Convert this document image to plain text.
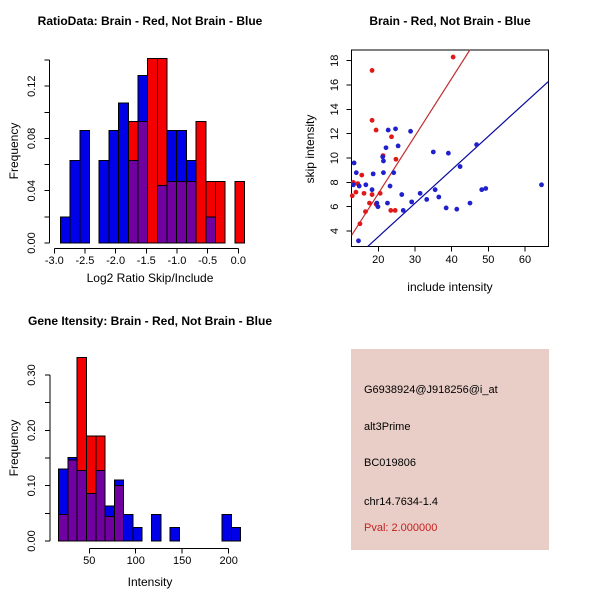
0.00
0.04
0.08
0.12
-3.0 -2.5 -2.0 -1.5 -1.0 -0.5 0.0
RatioData: Brain - Red, Not Brain - Blue
Log2 Ratio Skip/Include
Frequency
4
6
8
10
12
14
16
18
20 30 40 50 60
Brain - Red, Not Brain - Blue
include intensity
skip intensity
0.00
0.10
0.20
0.30
50	100	150	200
Gene Itensity: Brain - Red, Not Brain - Blue
Intensity
Frequency
G6938924@J918256@i_at
alt3Prime
BC019806
chr14.7634-1.4
Pval: 2.000000
